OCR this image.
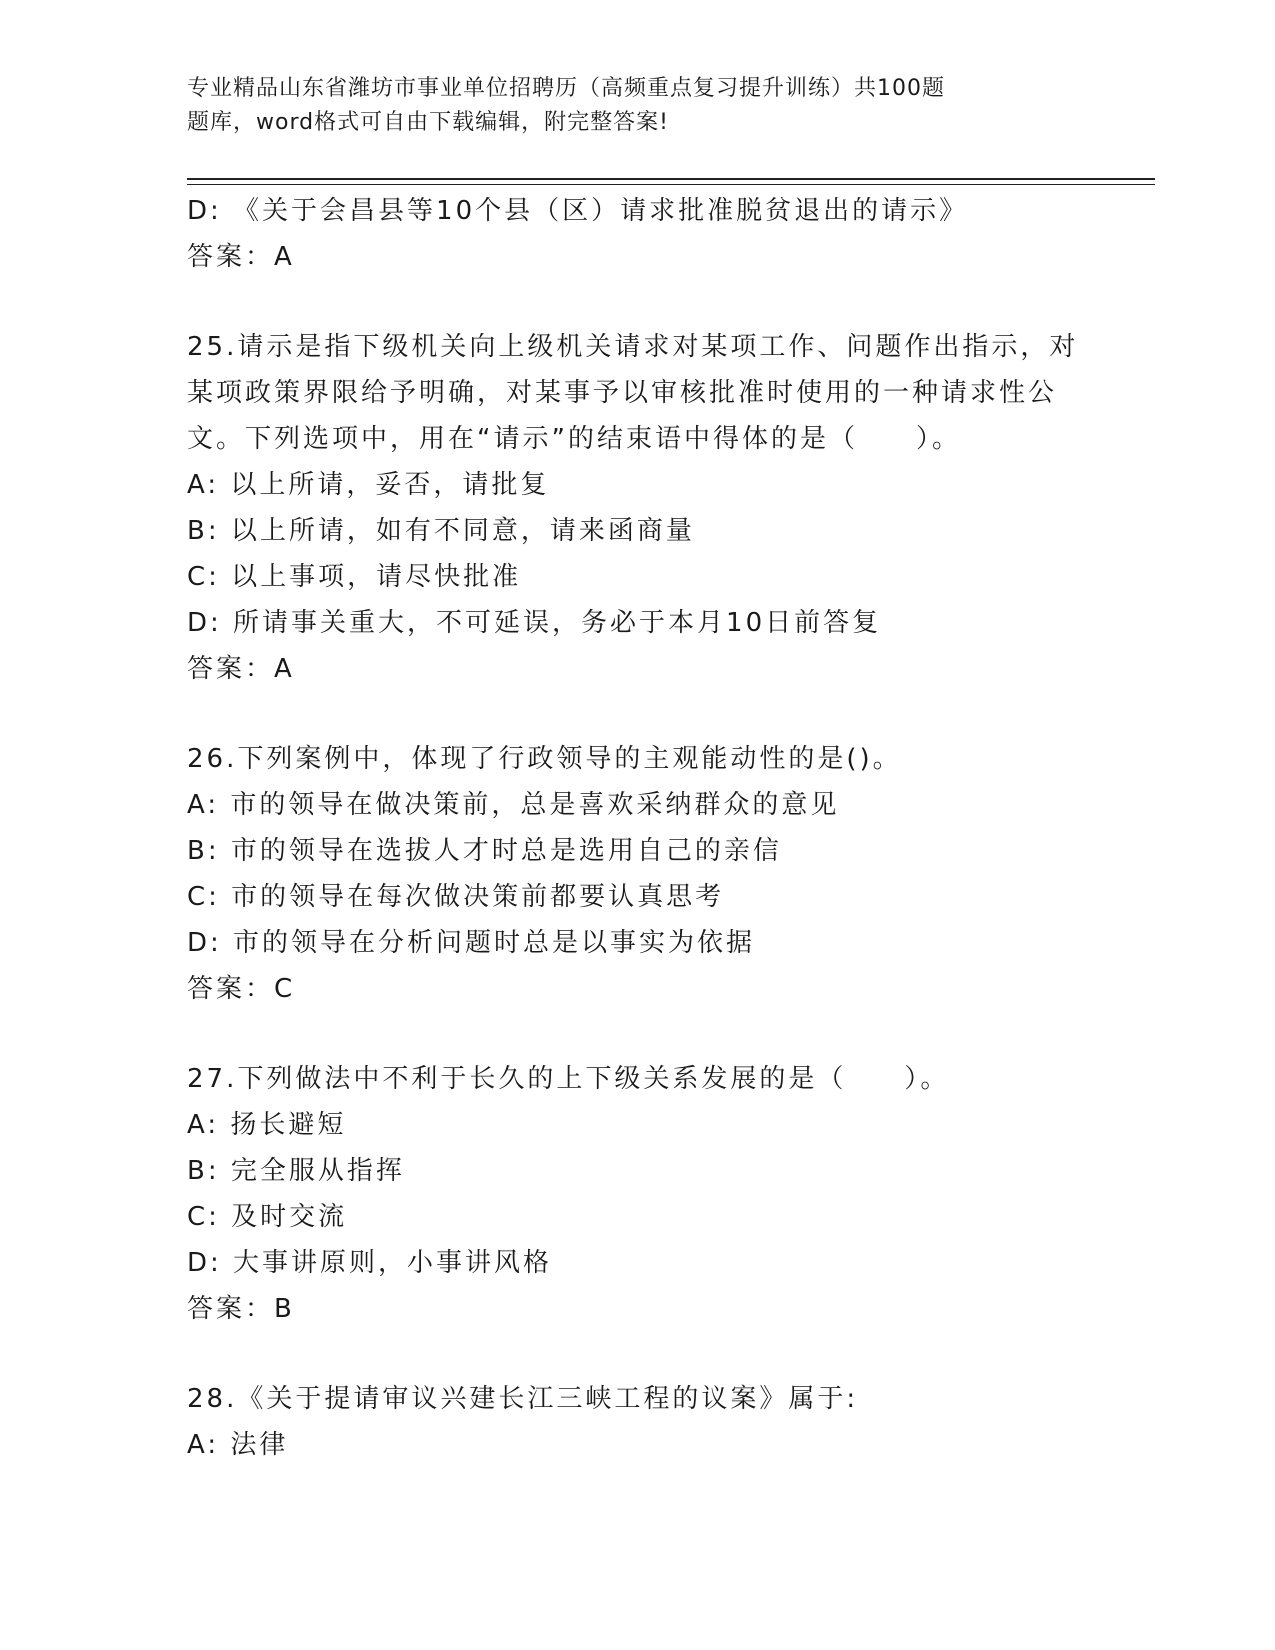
专业精品山东省潍坊市事业单位招聘历（高频重点复习提升训练）共100题
题库，word格式可自由下载编辑，附完整答案!
D: 《关于会昌县等10个县（区）请求批准脱贫退出的请示》
答案：A
25.请示是指下级机关向上级机关请求对某项工作、问题作出指示，对
某项政策界限给予明确，对某事予以审核批准时使用的一种请求性公
文。下列选项中，用在“请示”的结束语中得体的是（　　）。
A: 以上所请，妥否，请批复
B: 以上所请，如有不同意，请来函商量
C: 以上事项，请尽快批准
D: 所请事关重大，不可延误，务必于本月10日前答复
答案：A
26.下列案例中，体现了行政领导的主观能动性的是()。
A: 市的领导在做决策前，总是喜欢采纳群众的意见
B: 市的领导在选拔人才时总是选用自己的亲信
C: 市的领导在每次做决策前都要认真思考
D: 市的领导在分析问题时总是以事实为依据
答案：C
27.下列做法中不利于长久的上下级关系发展的是（　　）。
A: 扬长避短
B: 完全服从指挥
C: 及时交流
D: 大事讲原则，小事讲风格
答案：B
28.《关于提请审议兴建长江三峡工程的议案》属于:
A: 法律
